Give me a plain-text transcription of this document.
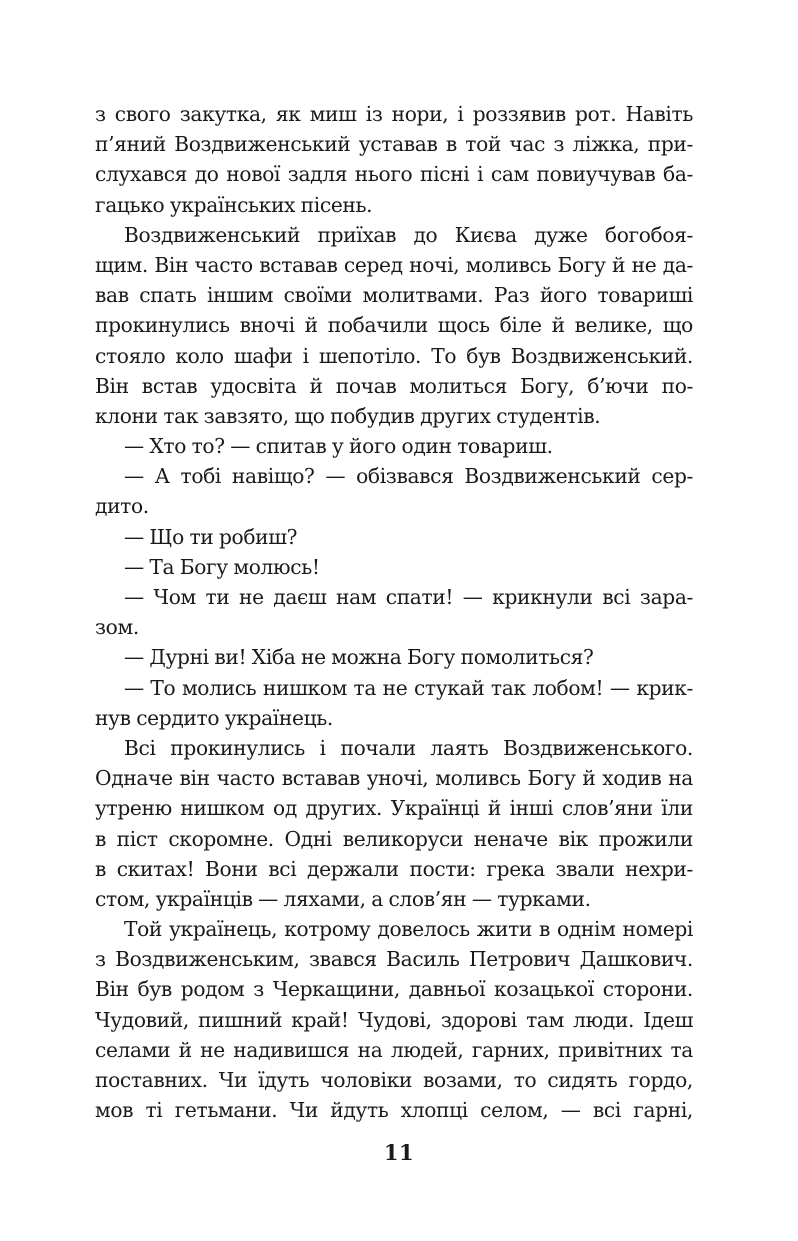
з свого закутка, як миш із нори, і роззявив рот. Навіть
п’яний Воздвиженський уставав в той час з ліжка, при-
слухався до нової задля нього пісні і сам повиучував ба-
гацько українських пісень.
Воздвиженський приїхав до Києва дуже богобоя-
щим. Він часто вставав серед ночі, моливсь Богу й не да-
вав спать іншим своїми молитвами. Раз його товариші
прокинулись вночі й побачили щось біле й велике, що
стояло коло шафи і шепотіло. То був Воздвиженський.
Він встав удосвіта й почав молиться Богу, б’ючи по-
клони так завзято, що побудив других студентів.
— Хто то? — спитав у його один товариш.
— А тобі навіщо? — обізвався Воздвиженський сер-
дито.
— Що ти робиш?
— Та Богу молюсь!
— Чом ти не даєш нам спати! — крикнули всі зара-
зом.
— Дурні ви! Хіба не можна Богу помолиться?
— То молись нишком та не стукай так лобом! — крик-
нув сердито українець.
Всі прокинулись і почали лаять Воздвиженського.
Одначе він часто вставав уночі, моливсь Богу й ходив на
утреню нишком од других. Українці й інші слов’яни їли
в піст скоромне. Одні великоруси неначе вік прожили
в скитах! Вони всі держали пости: грека звали нехри-
стом, українців — ляхами, а слов’ян — турками.
Той українець, котрому довелось жити в однім номері
з Воздвиженським, звався Василь Петрович Дашкович.
Він був родом з Черкащини, давньої козацької сторони.
Чудовий, пишний край! Чудові, здорові там люди. Ідеш
селами й не надивишся на людей, гарних, привітних та
поставних. Чи їдуть чоловіки возами, то сидять гордо,
мов ті гетьмани. Чи йдуть хлопці селом, — всі гарні,
11
